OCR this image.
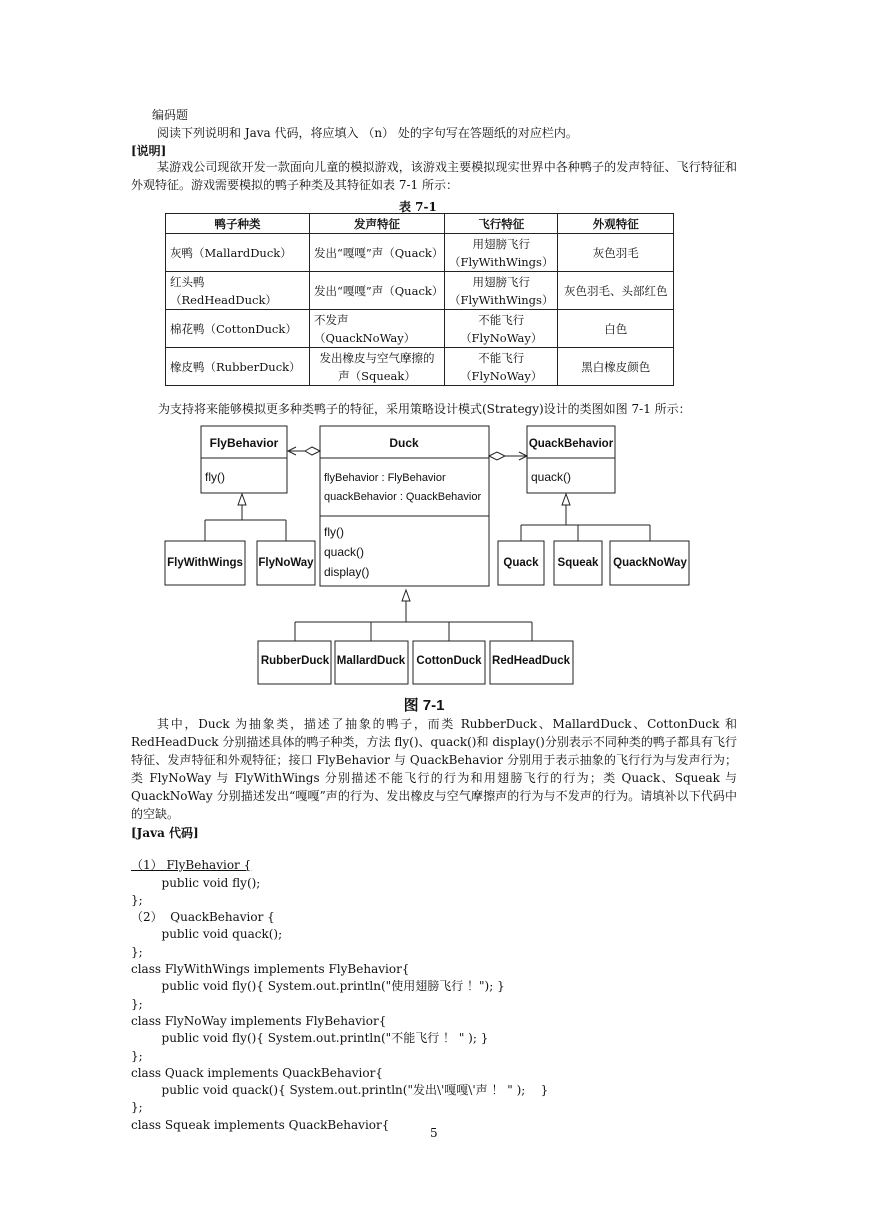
编码题
阅读下列说明和 Java 代码，将应填入 （n） 处的字句写在答题纸的对应栏内。
[说明]
某游戏公司现欲开发一款面向儿童的模拟游戏，该游戏主要模拟现实世界中各种鸭子的发声特征、飞行特征和外观特征。游戏需要模拟的鸭子种类及其特征如表 7-1 所示：
表 7-1
鸭子种类	发声特征	飞行特征	外观特征
灰鸭（MallardDuck）	发出“嘎嘎”声（Quack）	用翅膀飞行（FlyWithWings）	灰色羽毛
红头鸭（RedHeadDuck）	发出“嘎嘎”声（Quack）	用翅膀飞行（FlyWithWings）	灰色羽毛、头部红色
棉花鸭（CottonDuck）	不发声（QuackNoWay）	不能飞行（FlyNoWay）	白色
橡皮鸭（RubberDuck）	发出橡皮与空气摩擦的声（Squeak）	不能飞行（FlyNoWay）	黑白橡皮颜色
为支持将来能够模拟更多种类鸭子的特征，采用策略设计模式(Strategy)设计的类图如图 7-1 所示：
FlyBehavior
fly()
Duck
flyBehavior : FlyBehavior
quackBehavior : QuackBehavior
fly()
quack()
display()
QuackBehavior
quack()
FlyWithWings FlyNoWay	Quack Squeak QuackNoWay
RubberDuck MallardDuck CottonDuck RedHeadDuck
图 7-1
其中，Duck 为抽象类，描述了抽象的鸭子，而类 RubberDuck、MallardDuck、CottonDuck 和 RedHeadDuck 分别描述具体的鸭子种类，方法 fly()、quack()和 display()分别表示不同种类的鸭子都具有飞行特征、发声特征和外观特征；接口 FlyBehavior 与 QuackBehavior 分别用于表示抽象的飞行行为与发声行为；类 FlyNoWay 与 FlyWithWings 分别描述不能飞行的行为和用翅膀飞行的行为；类 Quack、Squeak 与 QuackNoWay 分别描述发出“嘎嘎”声的行为、发出橡皮与空气摩擦声的行为与不发声的行为。请填补以下代码中的空缺。
[Java 代码]

（1） FlyBehavior {
public void fly();
};
（2）  QuackBehavior {
public void quack();
};
class FlyWithWings implements FlyBehavior{
public void fly(){ System.out.println("使用翅膀飞行 ！"); }
};
class FlyNoWay implements FlyBehavior{
public void fly(){ System.out.println("不能飞行 ！ " ); }
};
class Quack implements QuackBehavior{
public void quack(){ System.out.println("发出\'嘎嘎\'声 ！ " );    }
};
class Squeak implements QuackBehavior{

5
